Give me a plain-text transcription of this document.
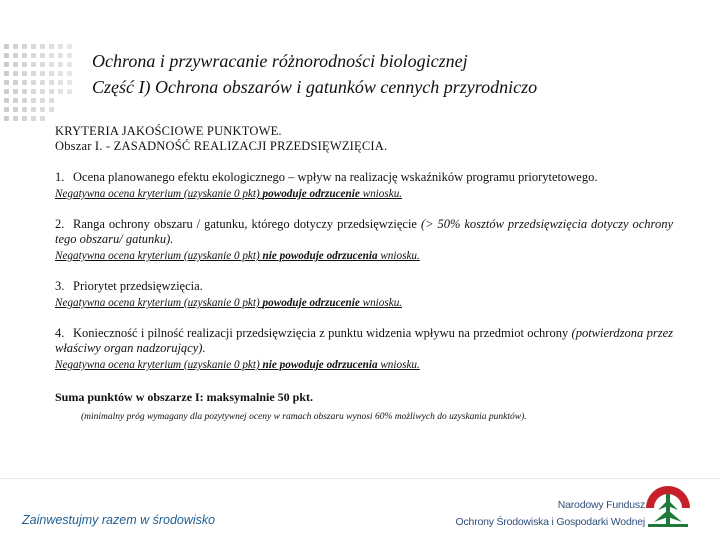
Ochrona i przywracanie różnorodności biologicznej
Część I) Ochrona obszarów i gatunków cennych przyrodniczo
KRYTERIA JAKOŚCIOWE PUNKTOWE.
Obszar I. - ZASADNOŚĆ REALIZACJI PRZEDSIĘWZIĘCIA.
1. Ocena planowanego efektu ekologicznego – wpływ na realizację wskaźników programu priorytetowego.
Negatywna ocena kryterium (uzyskanie 0 pkt) powoduje odrzucenie wniosku.
2. Ranga ochrony obszaru / gatunku, którego dotyczy przedsięwzięcie (> 50% kosztów przedsięwzięcia dotyczy ochrony tego obszaru/ gatunku).
Negatywna ocena kryterium (uzyskanie 0 pkt) nie powoduje odrzucenia wniosku.
3. Priorytet przedsięwzięcia.
Negatywna ocena kryterium (uzyskanie 0 pkt) powoduje odrzucenie wniosku.
4. Konieczność i pilność realizacji przedsięwzięcia z punktu widzenia wpływu na przedmiot ochrony (potwierdzona przez właściwy organ nadzorujący).
Negatywna ocena kryterium (uzyskanie 0 pkt) nie powoduje odrzucenia wniosku.
Suma punktów w obszarze I: maksymalnie 50 pkt.
(minimalny próg wymagany dla pozytywnej oceny w ramach obszaru wynosi 60% możliwych do uzyskania punktów).
Zainwestujmy razem w środowisko
Narodowy Fundusz
Ochrony Środowiska i Gospodarki Wodnej
